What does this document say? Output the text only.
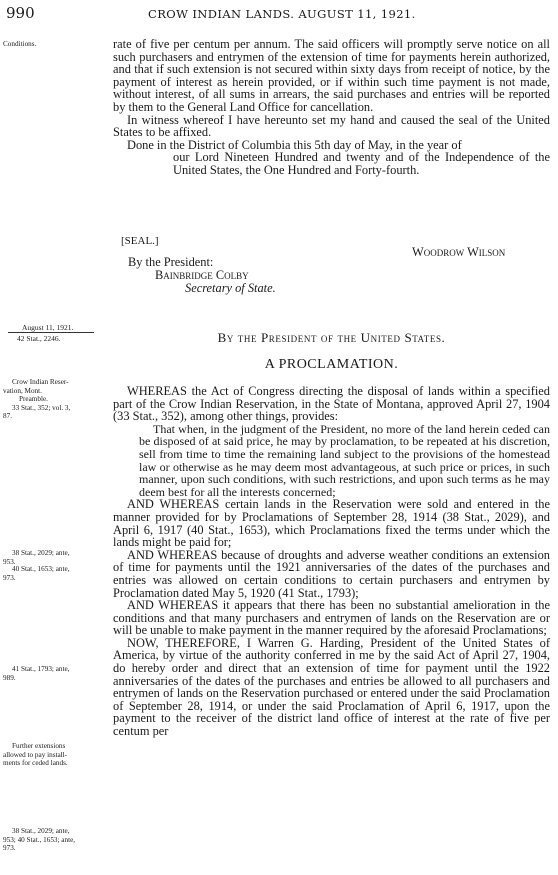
990	CROW INDIAN LANDS. AUGUST 11, 1921.
Conditions.	rate of five per centum per annum. The said officers will promptly serve notice on all such purchasers and entrymen of the extension of time for payments herein authorized, and that if such extension is not secured within sixty days from receipt of notice, by the payment of interest as herein provided, or if within such time payment is not made, without interest, of all sums in arrears, the said purchases and entries will be reported by them to the General Land Office for cancellation.

In witness whereof I have hereunto set my hand and caused the seal of the United States to be affixed.

Done in the District of Columbia this 5th day of May, in the year of

our Lord Nineteen Hundred and twenty and of the Independence of the United States, the One Hundred and Forty-fourth.

[SEAL.]
Woodrow Wilson
By the President:
Bainbridge Colby
Secretary of State.
August 11, 1921.
42 Stat., 2246.	By the President of the United States.
A PROCLAMATION.
Crow Indian Reser-
vation, Mont.
Preamble.
33 Stat., 352; vol. 3,
87.
38 Stat., 2029; ante,
953.
40 Stat., 1653; ante,
973.
41 Stat., 1793; ante,
989.
Further extensions
allowed to pay install-
ments for ceded lands.
38 Stat., 2029; ante,
953; 40 Stat., 1653; ante,
973.

WHEREAS the Act of Congress directing the disposal of lands within a specified part of the Crow Indian Reservation, in the State of Montana, approved April 27, 1904 (33 Stat., 352), among other things, provides:

That when, in the judgment of the President, no more of the land herein ceded can be disposed of at said price, he may by proclamation, to be repeated at his discretion, sell from time to time the remaining land subject to the provisions of the homestead law or otherwise as he may deem most advantageous, at such price or prices, in such manner, upon such conditions, with such restrictions, and upon such terms as he may deem best for all the interests concerned;

AND WHEREAS certain lands in the Reservation were sold and entered in the manner provided for by Proclamations of September 28, 1914 (38 Stat., 2029), and April 6, 1917 (40 Stat., 1653), which Proclamations fixed the terms under which the lands might be paid for;

AND WHEREAS because of droughts and adverse weather conditions an extension of time for payments until the 1921 anniversaries of the dates of the purchases and entries was allowed on certain conditions to certain purchasers and entrymen by Proclamation dated May 5, 1920 (41 Stat., 1793);

AND WHEREAS it appears that there has been no substantial amelioration in the conditions and that many purchasers and entrymen of lands on the Reservation are or will be unable to make payment in the manner required by the aforesaid Proclamations;

NOW, THEREFORE, I Warren G. Harding, President of the United States of America, by virtue of the authority conferred in me by the said Act of April 27, 1904, do hereby order and direct that an extension of time for payment until the 1922 anniversaries of the dates of the purchases and entries be allowed to all purchasers and entrymen of lands on the Reservation purchased or entered under the said Proclamation of September 28, 1914, or under the said Proclamation of April 6, 1917, upon the payment to the receiver of the district land office of interest at the rate of five per centum per
